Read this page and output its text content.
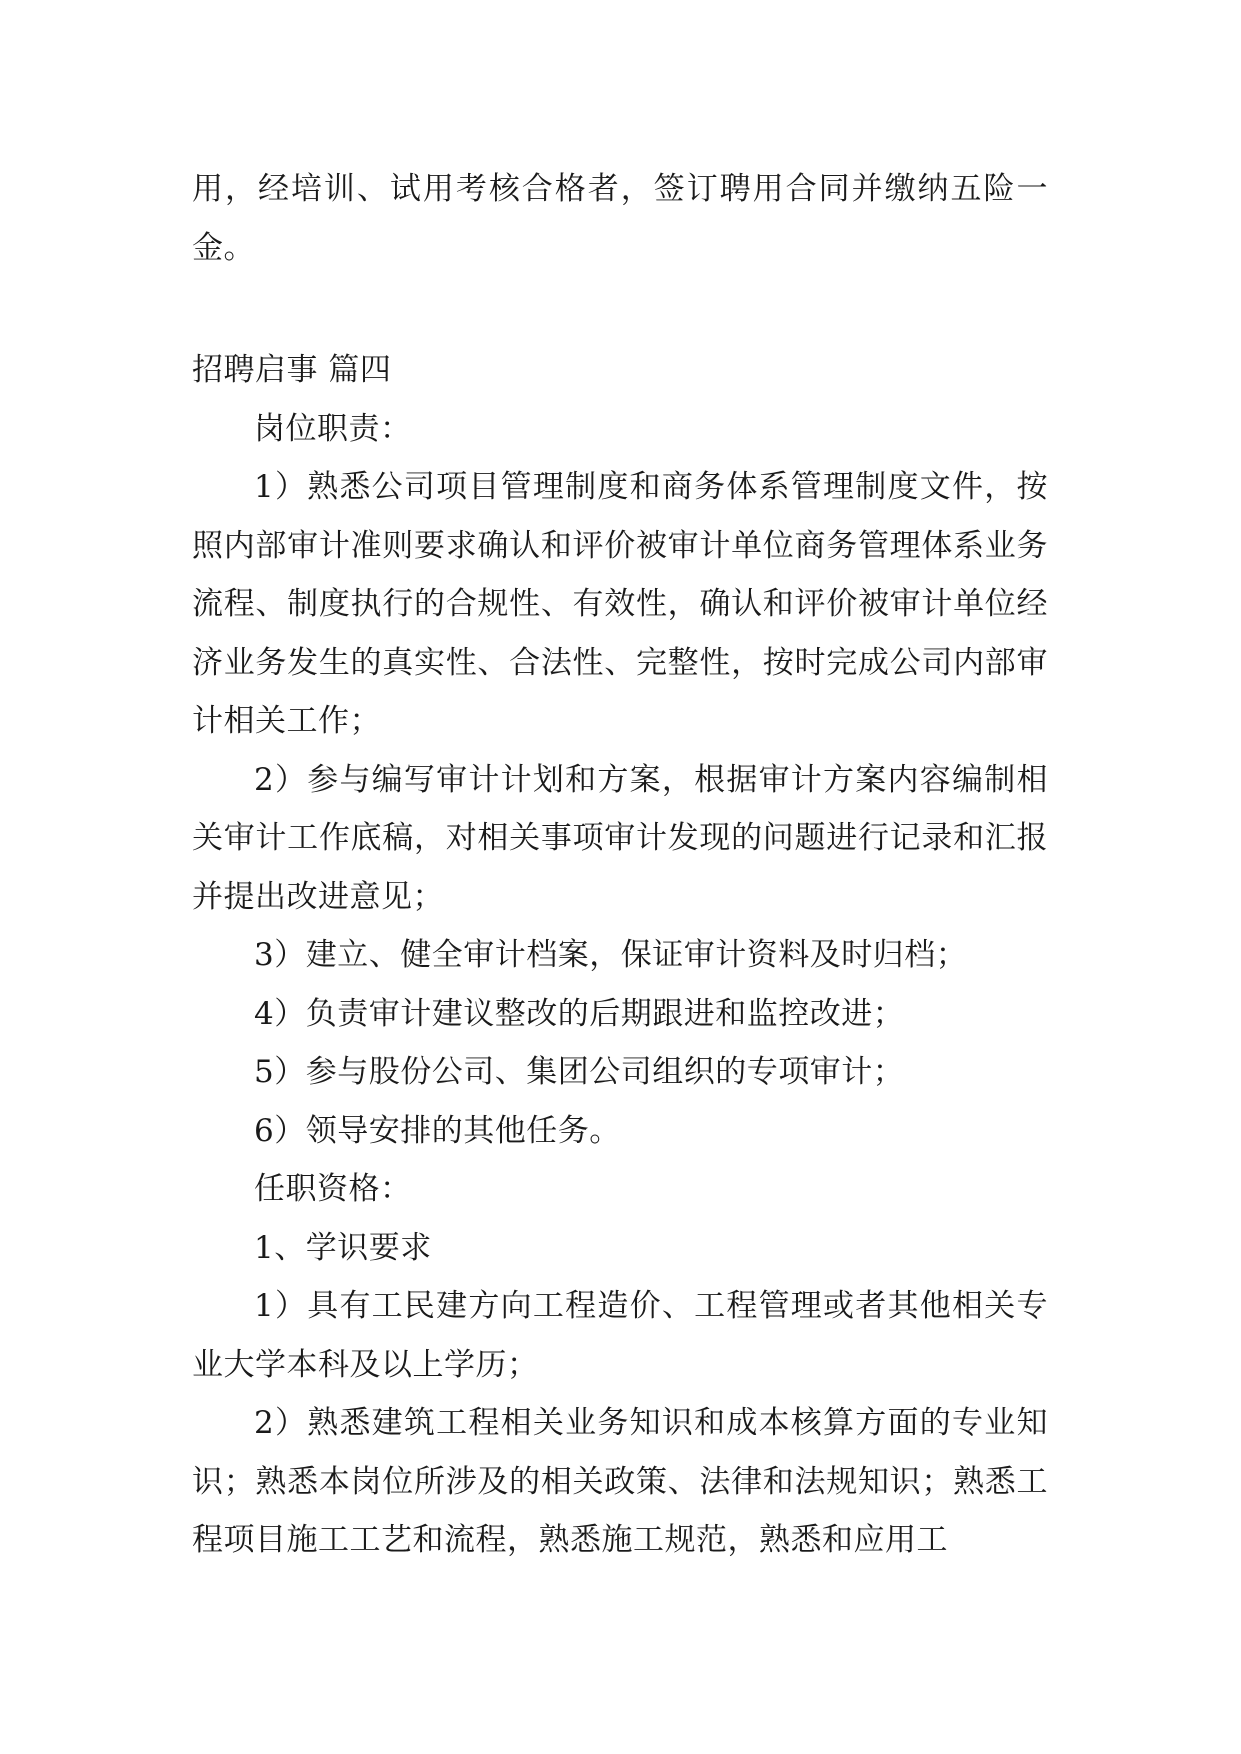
用，经培训、试用考核合格者，签订聘用合同并缴纳五险一金。

招聘启事 篇四

岗位职责：

1）熟悉公司项目管理制度和商务体系管理制度文件，按照内部审计准则要求确认和评价被审计单位商务管理体系业务流程、制度执行的合规性、有效性，确认和评价被审计单位经济业务发生的真实性、合法性、完整性，按时完成公司内部审计相关工作；

2）参与编写审计计划和方案，根据审计方案内容编制相关审计工作底稿，对相关事项审计发现的问题进行记录和汇报并提出改进意见；

3）建立、健全审计档案，保证审计资料及时归档；

4）负责审计建议整改的后期跟进和监控改进；

5）参与股份公司、集团公司组织的专项审计；

6）领导安排的其他任务。

任职资格：

1、学识要求

1）具有工民建方向工程造价、工程管理或者其他相关专业大学本科及以上学历；

2）熟悉建筑工程相关业务知识和成本核算方面的专业知识；熟悉本岗位所涉及的相关政策、法律和法规知识；熟悉工程项目施工工艺和流程，熟悉施工规范，熟悉和应用工
